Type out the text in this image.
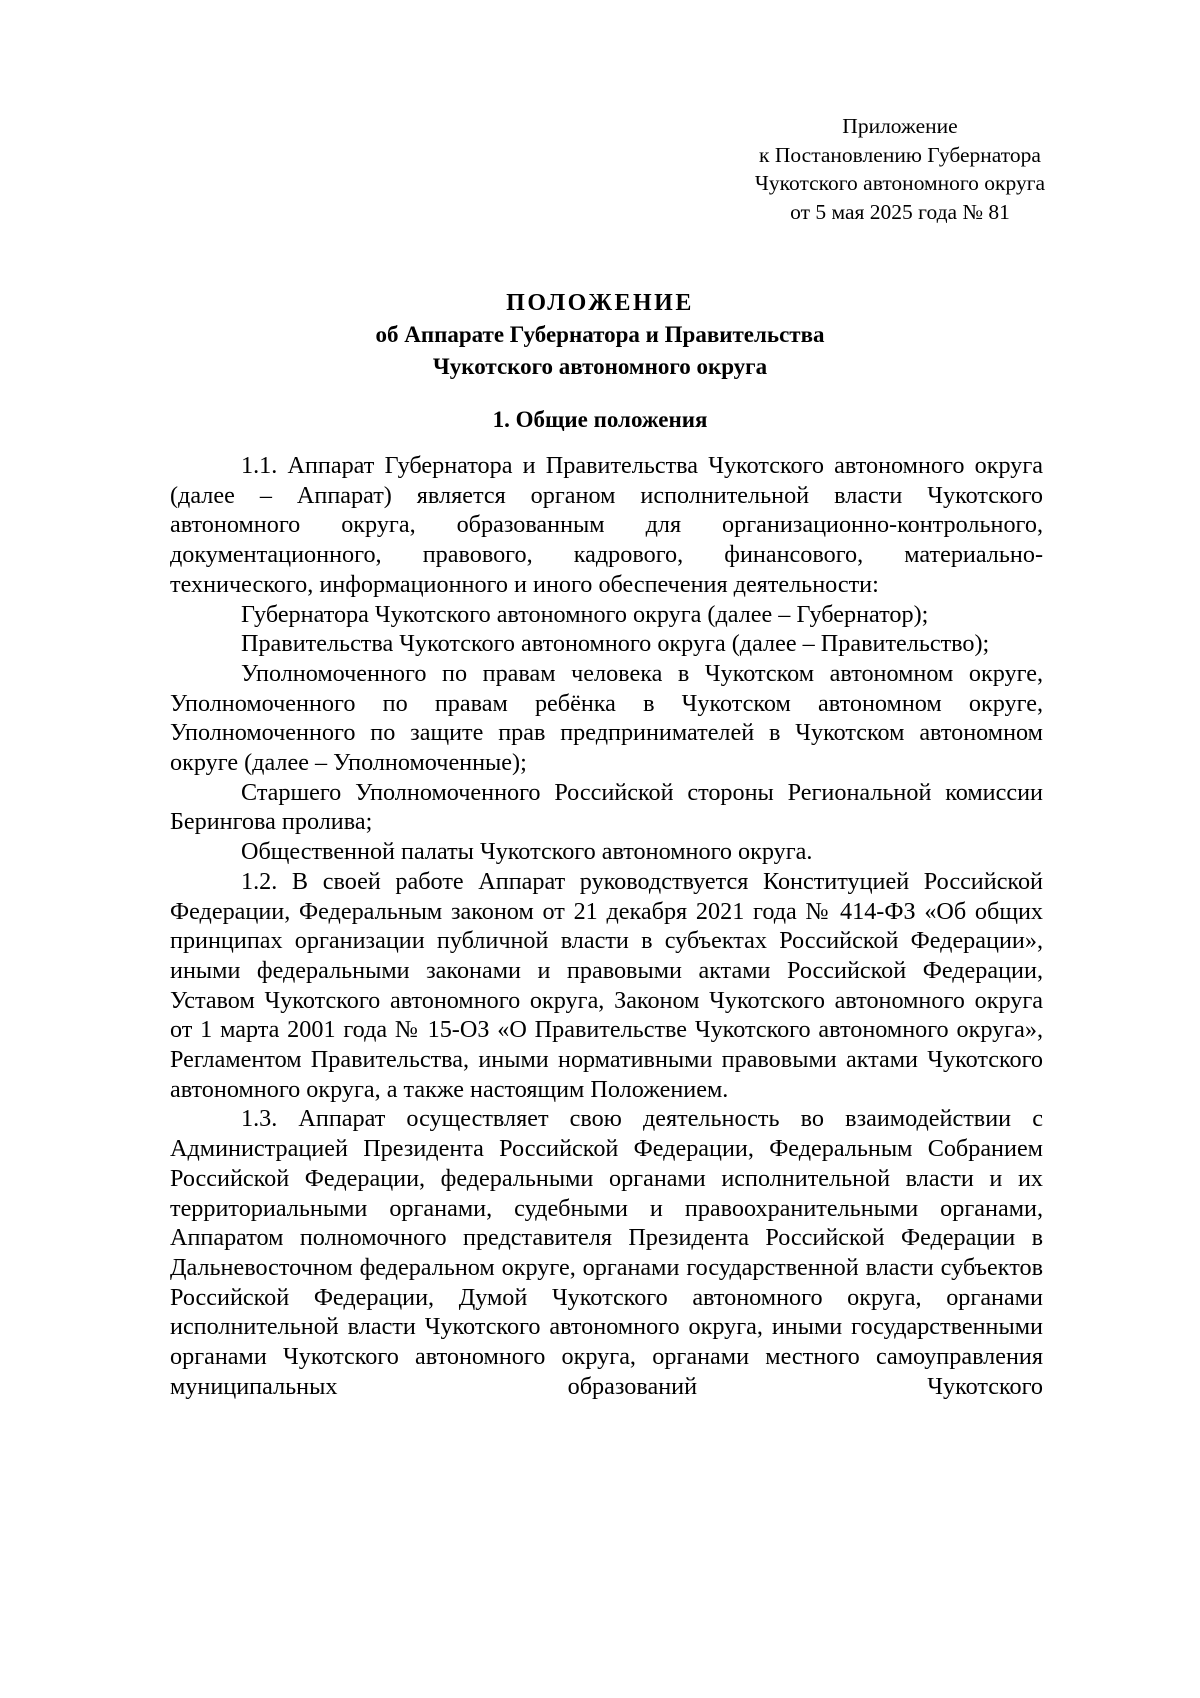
Приложение
к Постановлению Губернатора
Чукотского автономного округа
от 5 мая 2025 года № 81
ПОЛОЖЕНИЕ
об Аппарате Губернатора и Правительства
Чукотского автономного округа
1. Общие положения

1.1. Аппарат Губернатора и Правительства Чукотского автономного округа (далее – Аппарат) является органом исполнительной власти Чукотского автономного округа, образованным для организационно-контрольного, документационного, правового, кадрового, финансового, материально-технического, информационного и иного обеспечения деятельности:

Губернатора Чукотского автономного округа (далее – Губернатор);

Правительства Чукотского автономного округа (далее – Правительство);

Уполномоченного по правам человека в Чукотском автономном округе, Уполномоченного по правам ребёнка в Чукотском автономном округе, Уполномоченного по защите прав предпринимателей в Чукотском автономном округе (далее – Уполномоченные);

Старшего Уполномоченного Российской стороны Региональной комиссии Берингова пролива;

Общественной палаты Чукотского автономного округа.

1.2. В своей работе Аппарат руководствуется Конституцией Российской Федерации, Федеральным законом от 21 декабря 2021 года № 414-ФЗ «Об общих принципах организации публичной власти в субъектах Российской Федерации», иными федеральными законами и правовыми актами Российской Федерации, Уставом Чукотского автономного округа, Законом Чукотского автономного округа от 1 марта 2001 года № 15-ОЗ «О Правительстве Чукотского автономного округа», Регламентом Правительства, иными нормативными правовыми актами Чукотского автономного округа, а также настоящим Положением.

1.3. Аппарат осуществляет свою деятельность во взаимодействии с Администрацией Президента Российской Федерации, Федеральным Собранием Российской Федерации, федеральными органами исполнительной власти и их территориальными органами, судебными и правоохранительными органами, Аппаратом полномочного представителя Президента Российской Федерации в Дальневосточном федеральном округе, органами государственной власти субъектов Российской Федерации, Думой Чукотского автономного округа, органами исполнительной власти Чукотского автономного округа, иными государственными органами Чукотского автономного округа, органами местного самоуправления муниципальных образований Чукотского
